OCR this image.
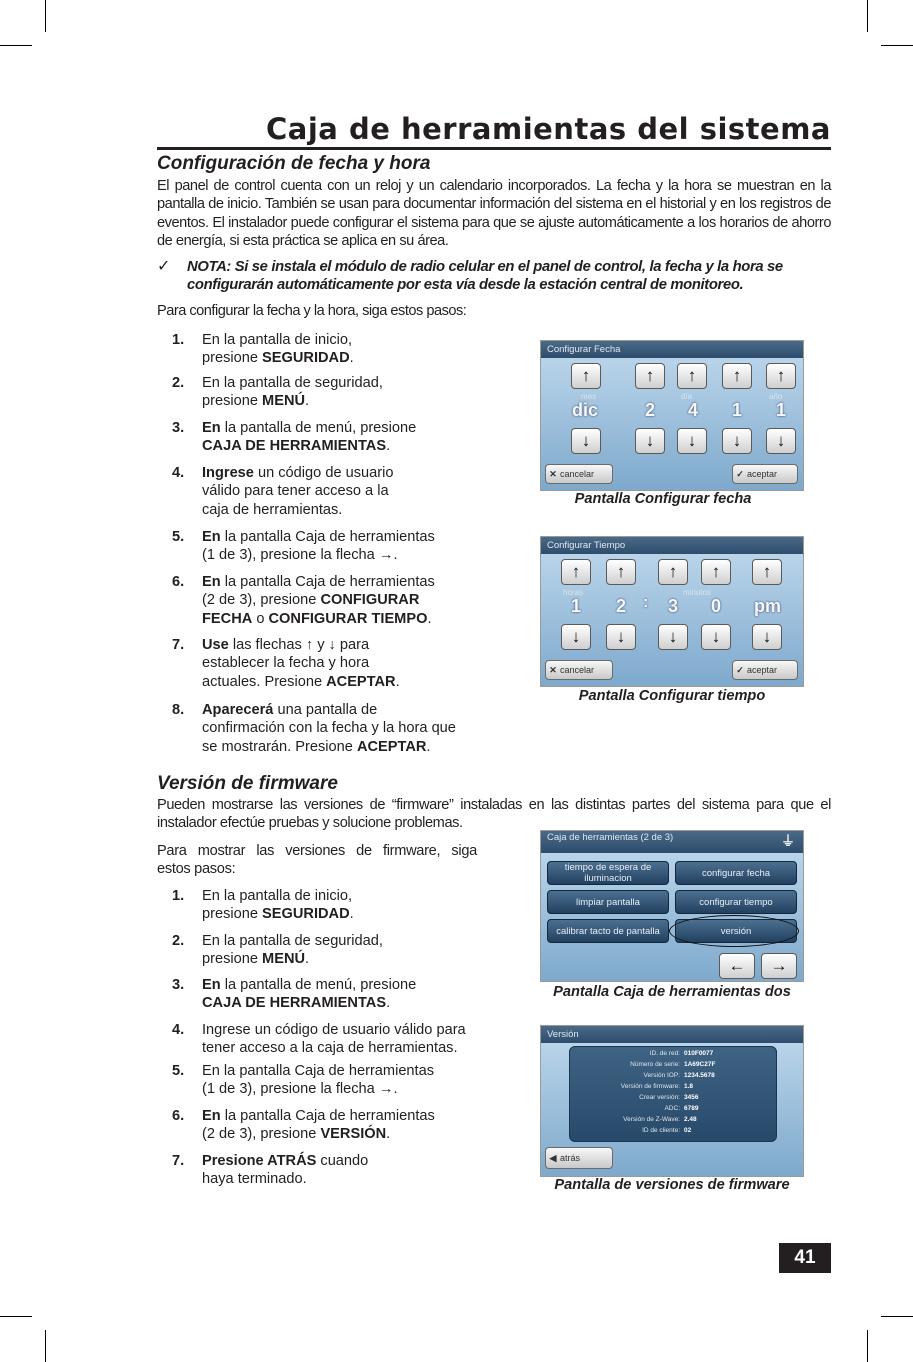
Caja de herramientas del sistema
Configuración de fecha y hora
El panel de control cuenta con un reloj y un calendario incorporados. La fecha y la hora se muestran en la pantalla de inicio. También se usan para documentar información del sistema en el historial y en los registros de eventos. El instalador puede configurar el sistema para que se ajuste automáticamente a los horarios de ahorro de energía, si esta práctica se aplica en su área.
✓ NOTA: Si se instala el módulo de radio celular en el panel de control, la fecha y la hora se configurarán automáticamente por esta vía desde la estación central de monitoreo.
Para configurar la fecha y la hora, siga estos pasos:
1. En la pantalla de inicio,
presione SEGURIDAD.
2. En la pantalla de seguridad,
presione MENÚ.
3. En la pantalla de menú, presione
CAJA DE HERRAMIENTAS.
4. Ingrese un código de usuario
válido para tener acceso a la
caja de herramientas.
5. En la pantalla Caja de herramientas
(1 de 3), presione la flecha →.
6. En la pantalla Caja de herramientas
(2 de 3), presione CONFIGURAR
FECHA o CONFIGURAR TIEMPO.
7. Use las flechas ↑ y ↓ para
establecer la fecha y hora
actuales. Presione ACEPTAR.
8. Aparecerá una pantalla de
confirmación con la fecha y la hora que
se mostrarán. Presione ACEPTAR.
Configurar Fecha
↑	↑	↑	↑	↑
mes	día	año
dic	2 4 1 1
↓	↓	↓	↓	↓
✕ cancelar	✓ aceptar
Pantalla Configurar fecha
Configurar Tiempo
↑	↑	↑	↑	↑
horas	minutos
1 2 : 3 0 pm
↓	↓	↓	↓	↓
✕ cancelar	✓ aceptar
Pantalla Configurar tiempo
Versión de firmware
Pueden mostrarse las versiones de “firmware” instaladas en las distintas partes del sistema para que el instalador efectúe pruebas y solucione problemas.
Para mostrar las versiones de firmware, siga
estos pasos:
1. En la pantalla de inicio,
presione SEGURIDAD.
2. En la pantalla de seguridad,
presione MENÚ.
3. En la pantalla de menú, presione
CAJA DE HERRAMIENTAS.
4. Ingrese un código de usuario válido para
tener acceso a la caja de herramientas.
5. En la pantalla Caja de herramientas
(1 de 3), presione la flecha →.
6. En la pantalla Caja de herramientas
(2 de 3), presione VERSIÓN.
7. Presione ATRÁS cuando
haya terminado.
Caja de herramientas (2 de 3)	⏚
tiempo de espera de iluminacion	configurar fecha
limpiar pantalla	configurar tiempo
calibrar tacto de pantalla	versión
←	→
Pantalla Caja de herramientas dos
Versión
ID. de red: 010F0077
Número de serie: 1A69C27F
Versión IOP: 1234.5678
Versión de firmware: 1.8
Crear versión: 3456
ADC: 6789
Versión de Z-Wave: 2.48
ID de cliente: 02
◀ atrás
Pantalla de versiones de firmware
41
